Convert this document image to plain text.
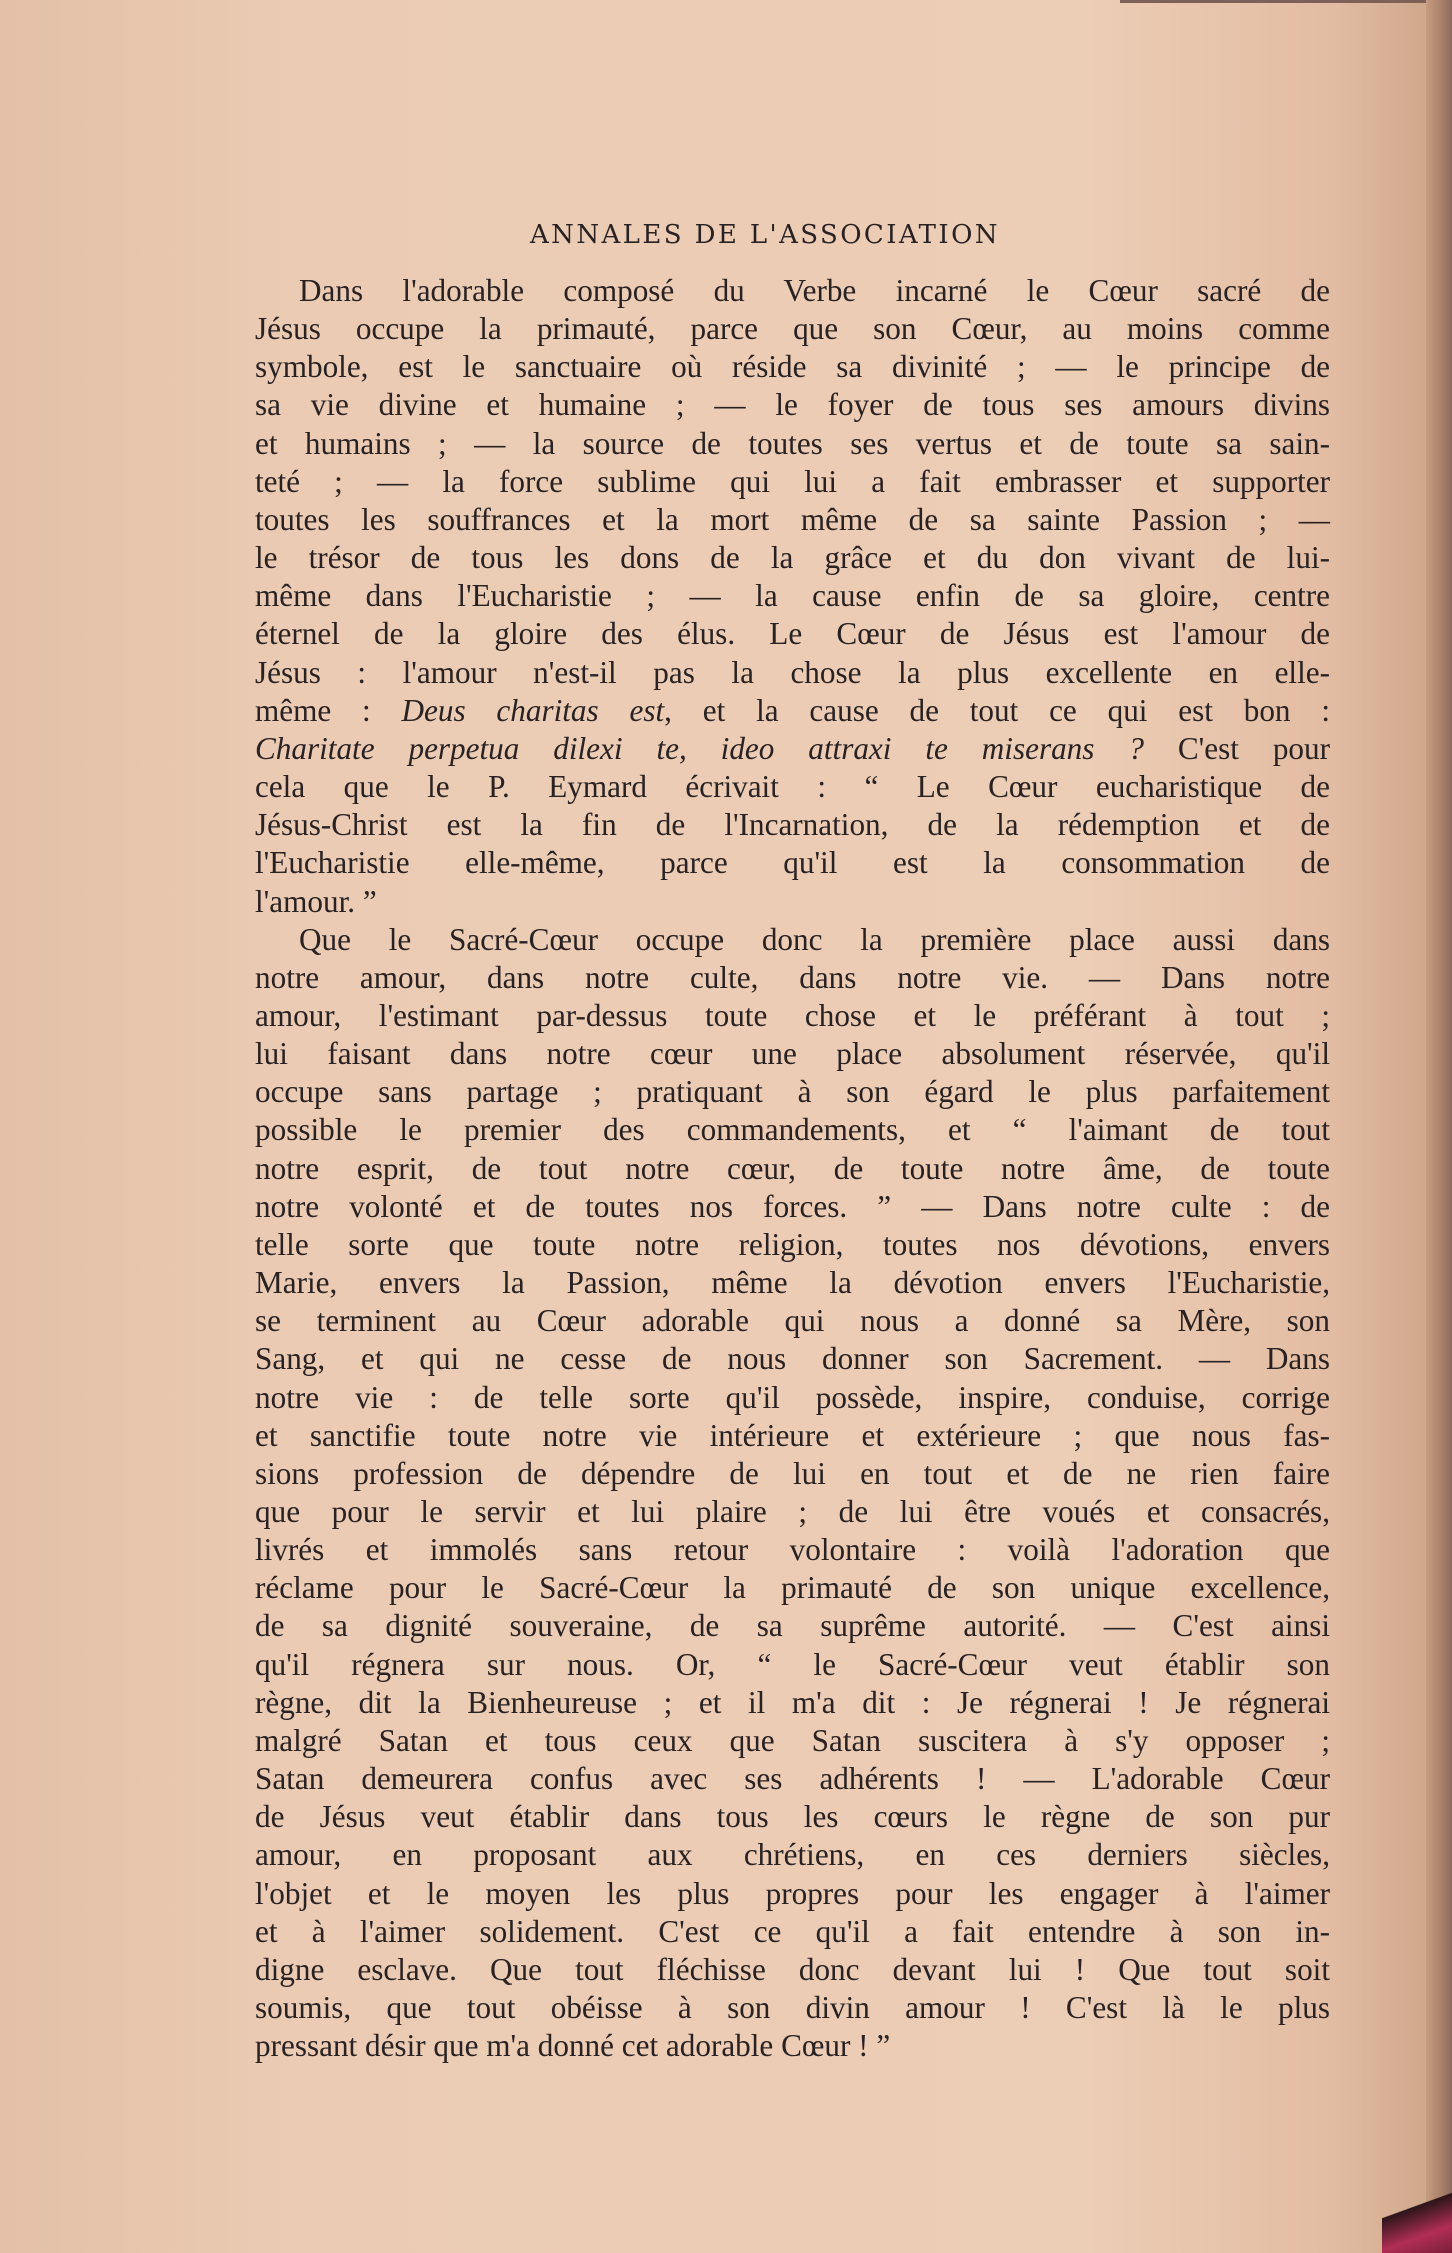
ANNALES DE L'ASSOCIATION

Dans l'adorable composé du Verbe incarné le Cœur sacré de
Jésus occupe la primauté, parce que son Cœur, au moins comme
symbole, est le sanctuaire où réside sa divinité ; — le principe de
sa vie divine et humaine ; — le foyer de tous ses amours divins
et humains ; — la source de toutes ses vertus et de toute sa sain-
teté ; — la force sublime qui lui a fait embrasser et supporter
toutes les souffrances et la mort même de sa sainte Passion ; —
le trésor de tous les dons de la grâce et du don vivant de lui-
même dans l'Eucharistie ; — la cause enfin de sa gloire, centre
éternel de la gloire des élus. Le Cœur de Jésus est l'amour de
Jésus : l'amour n'est-il pas la chose la plus excellente en elle-
même : Deus charitas est, et la cause de tout ce qui est bon :
Charitate perpetua dilexi te, ideo attraxi te miserans ? C'est pour
cela que le P. Eymard écrivait : “ Le Cœur eucharistique de
Jésus-Christ est la fin de l'Incarnation, de la rédemption et de
l'Eucharistie elle-même, parce qu'il est la consommation de
l'amour. ”

Que le Sacré-Cœur occupe donc la première place aussi dans
notre amour, dans notre culte, dans notre vie. — Dans notre
amour, l'estimant par-dessus toute chose et le préférant à tout ;
lui faisant dans notre cœur une place absolument réservée, qu'il
occupe sans partage ; pratiquant à son égard le plus parfaitement
possible le premier des commandements, et “ l'aimant de tout
notre esprit, de tout notre cœur, de toute notre âme, de toute
notre volonté et de toutes nos forces. ” — Dans notre culte : de
telle sorte que toute notre religion, toutes nos dévotions, envers
Marie, envers la Passion, même la dévotion envers l'Eucharistie,
se terminent au Cœur adorable qui nous a donné sa Mère, son
Sang, et qui ne cesse de nous donner son Sacrement. — Dans
notre vie : de telle sorte qu'il possède, inspire, conduise, corrige
et sanctifie toute notre vie intérieure et extérieure ; que nous fas-
sions profession de dépendre de lui en tout et de ne rien faire
que pour le servir et lui plaire ; de lui être voués et consacrés,
livrés et immolés sans retour volontaire : voilà l'adoration que
réclame pour le Sacré-Cœur la primauté de son unique excellence,
de sa dignité souveraine, de sa suprême autorité. — C'est ainsi
qu'il régnera sur nous. Or, “ le Sacré-Cœur veut établir son
règne, dit la Bienheureuse ; et il m'a dit : Je régnerai ! Je régnerai
malgré Satan et tous ceux que Satan suscitera à s'y opposer ;
Satan demeurera confus avec ses adhérents ! — L'adorable Cœur
de Jésus veut établir dans tous les cœurs le règne de son pur
amour, en proposant aux chrétiens, en ces derniers siècles,
l'objet et le moyen les plus propres pour les engager à l'aimer
et à l'aimer solidement. C'est ce qu'il a fait entendre à son in-
digne esclave. Que tout fléchisse donc devant lui ! Que tout soit
soumis, que tout obéisse à son divin amour ! C'est là le plus
pressant désir que m'a donné cet adorable Cœur ! ”
